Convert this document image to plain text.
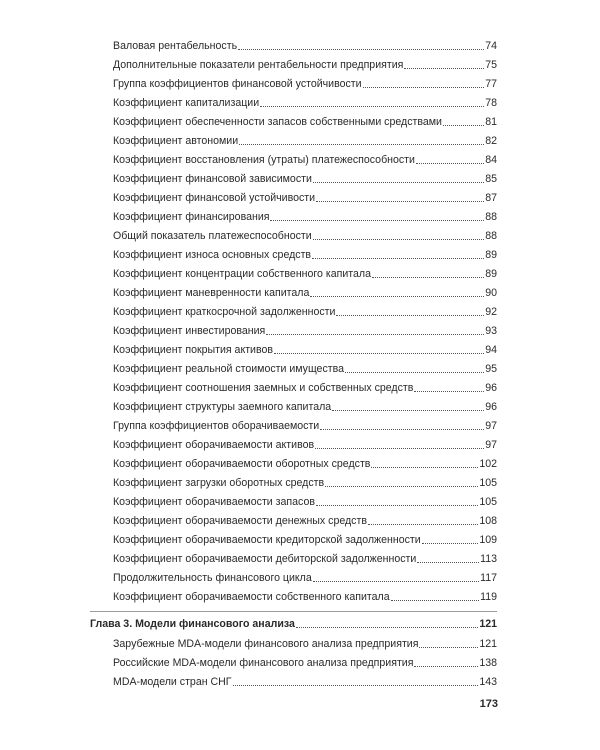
Валовая рентабельность	74
Дополнительные показатели рентабельности предприятия	75
Группа коэффициентов финансовой устойчивости	77
Коэффициент капитализации	78
Коэффициент обеспеченности запасов собственными средствами	81
Коэффициент автономии	82
Коэффициент восстановления (утраты) платежеспособности	84
Коэффициент финансовой зависимости	85
Коэффициент финансовой устойчивости	87
Коэффициент финансирования	88
Общий показатель платежеспособности	88
Коэффициент износа основных средств	89
Коэффициент концентрации собственного капитала	89
Коэффициент маневренности капитала	90
Коэффициент краткосрочной задолженности	92
Коэффициент инвестирования	93
Коэффициент покрытия активов	94
Коэффициент реальной стоимости имущества	95
Коэффициент соотношения заемных и собственных средств	96
Коэффициент структуры заемного капитала	96
Группа коэффициентов оборачиваемости	97
Коэффициент оборачиваемости активов	97
Коэффициент оборачиваемости оборотных средств	102
Коэффициент загрузки оборотных средств	105
Коэффициент оборачиваемости запасов	105
Коэффициент оборачиваемости денежных средств	108
Коэффициент оборачиваемости кредиторской задолженности	109
Коэффициент оборачиваемости дебиторской задолженности	113
Продолжительность финансового цикла	117
Коэффициент оборачиваемости собственного капитала	119
Глава 3. Модели финансового анализа	121
Зарубежные MDA-модели финансового анализа предприятия	121
Российские MDA-модели финансового анализа предприятия	138
MDA-модели стран СНГ	143
173
